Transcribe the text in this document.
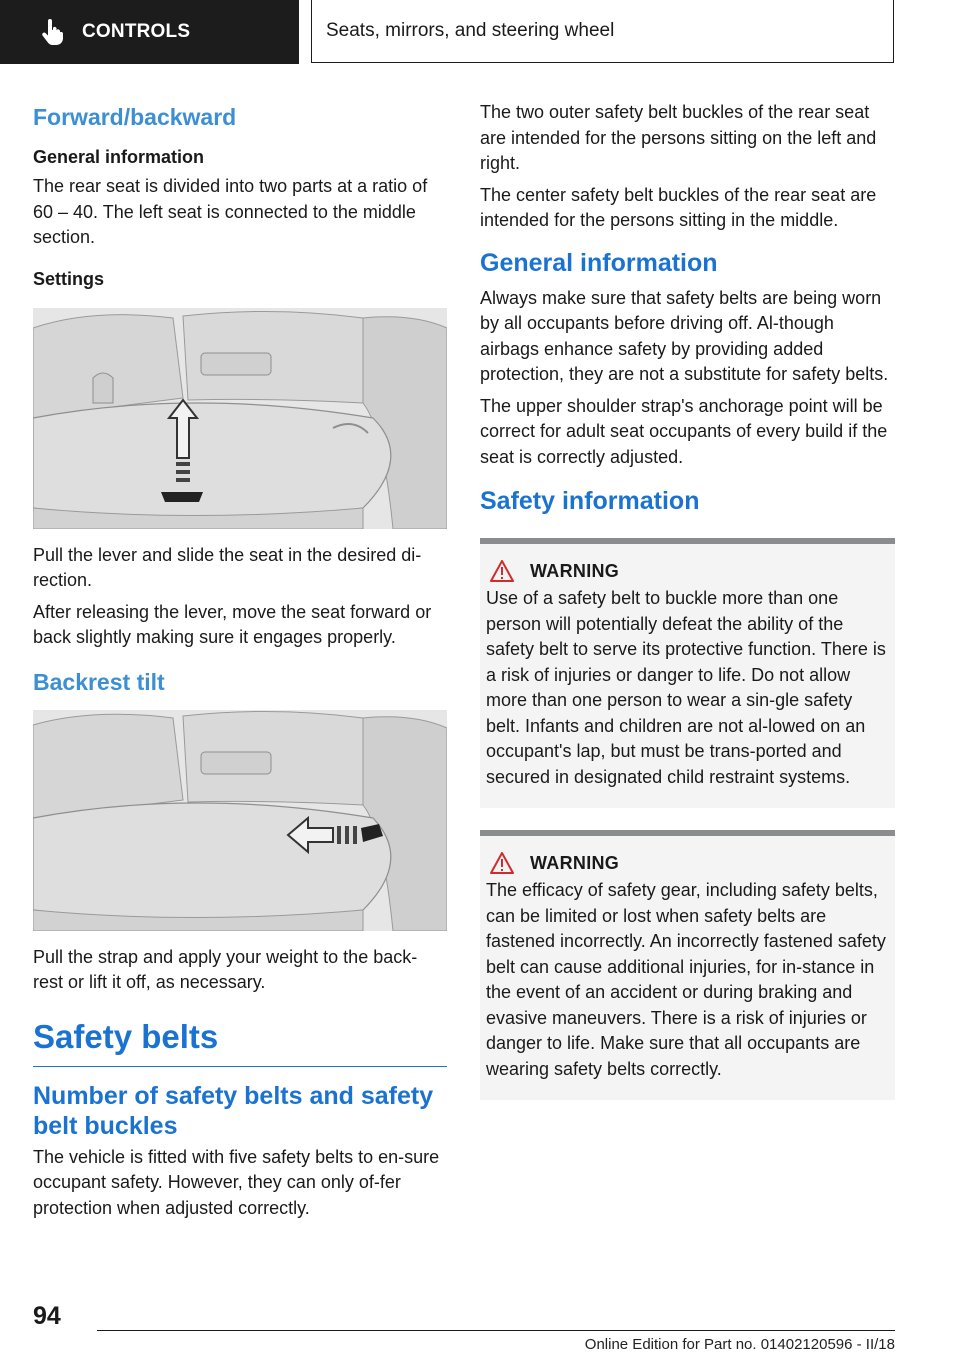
CONTROLS	Seats, mirrors, and steering wheel
Forward/backward
General information

The rear seat is divided into two parts at a ratio of 60 – 40. The left seat is connected to the middle section.

Settings

Pull the lever and slide the seat in the desired di‐rection.

After releasing the lever, move the seat forward or back slightly making sure it engages properly.

Backrest tilt

Pull the strap and apply your weight to the back‐rest or lift it off, as necessary.

Safety belts
Number of safety belts and safety belt buckles

The vehicle is fitted with five safety belts to en‐sure occupant safety. However, they can only of‐fer protection when adjusted correctly.

The two outer safety belt buckles of the rear seat are intended for the persons sitting on the left and right.

The center safety belt buckles of the rear seat are intended for the persons sitting in the middle.

General information

Always make sure that safety belts are being worn by all occupants before driving off. Al‐though airbags enhance safety by providing added protection, they are not a substitute for safety belts.

The upper shoulder strap's anchorage point will be correct for adult seat occupants of every build if the seat is correctly adjusted.

Safety information
WARNING

Use of a safety belt to buckle more than one person will potentially defeat the ability of the safety belt to serve its protective function. There is a risk of injuries or danger to life. Do not allow more than one person to wear a sin‐gle safety belt. Infants and children are not al‐lowed on an occupant's lap, but must be trans‐ported and secured in designated child restraint systems.

WARNING

The efficacy of safety gear, including safety belts, can be limited or lost when safety belts are fastened incorrectly. An incorrectly fastened safety belt can cause additional injuries, for in‐stance in the event of an accident or during braking and evasive maneuvers. There is a risk of injuries or danger to life. Make sure that all occupants are wearing safety belts correctly.

94
Online Edition for Part no. 01402120596 - II/18
